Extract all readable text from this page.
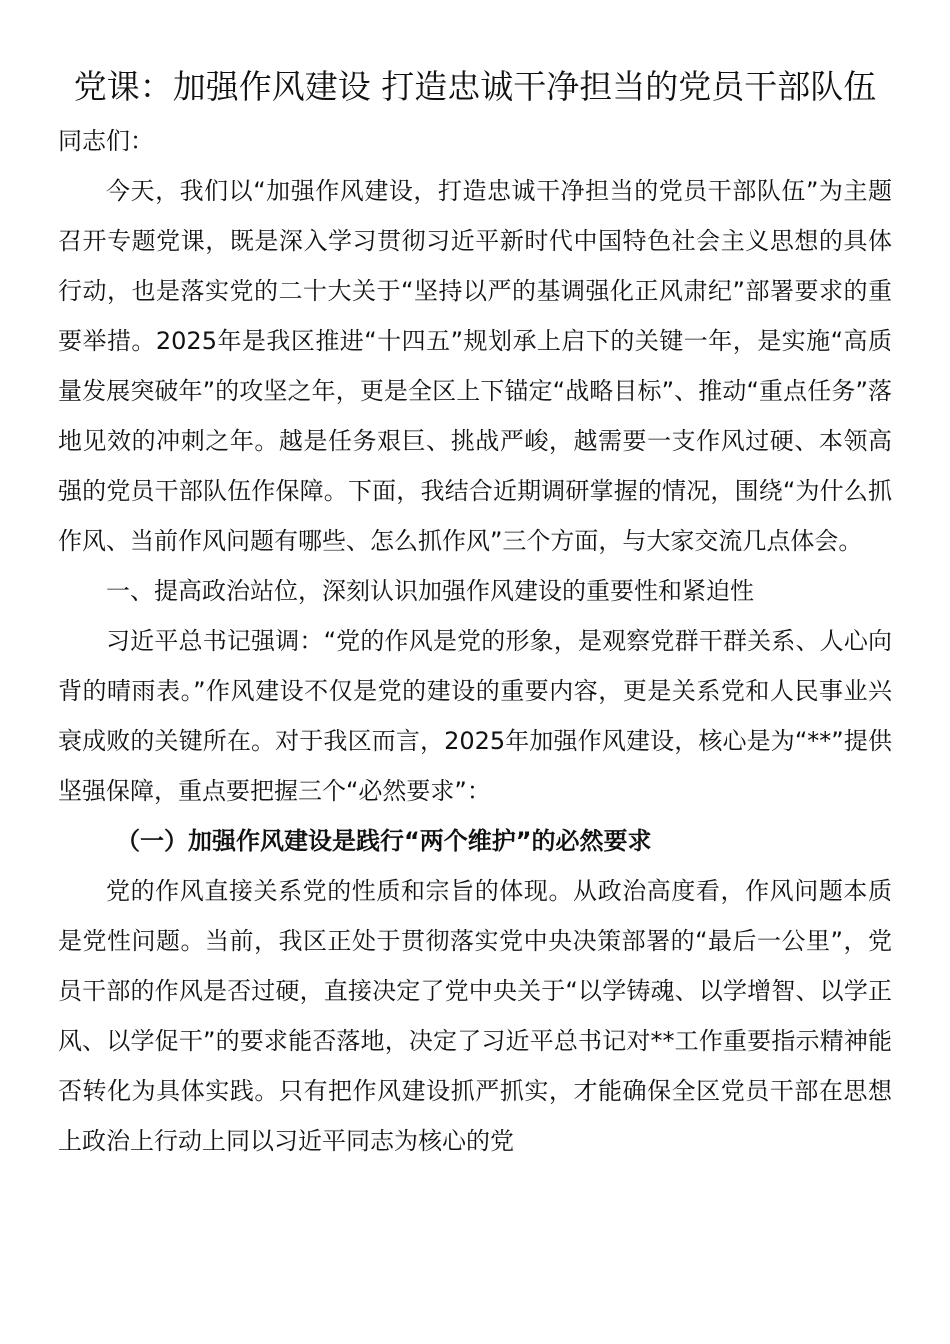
党课：加强作风建设 打造忠诚干净担当的党员干部队伍

同志们：

今天，我们以“加强作风建设，打造忠诚干净担当的党员干部队伍”为主题召开专题党课，既是深入学习贯彻习近平新时代中国特色社会主义思想的具体行动，也是落实党的二十大关于“坚持以严的基调强化正风肃纪”部署要求的重要举措。2025年是我区推进“十四五”规划承上启下的关键一年，是实施“高质量发展突破年”的攻坚之年，更是全区上下锚定“战略目标”、推动“重点任务”落地见效的冲刺之年。越是任务艰巨、挑战严峻，越需要一支作风过硬、本领高强的党员干部队伍作保障。下面，我结合近期调研掌握的情况，围绕“为什么抓作风、当前作风问题有哪些、怎么抓作风”三个方面，与大家交流几点体会。

一、提高政治站位，深刻认识加强作风建设的重要性和紧迫性

习近平总书记强调：“党的作风是党的形象，是观察党群干群关系、人心向背的晴雨表。”作风建设不仅是党的建设的重要内容，更是关系党和人民事业兴衰成败的关键所在。对于我区而言，2025年加强作风建设，核心是为“**”提供坚强保障，重点要把握三个“必然要求”：

（一）加强作风建设是践行“两个维护”的必然要求

党的作风直接关系党的性质和宗旨的体现。从政治高度看，作风问题本质是党性问题。当前，我区正处于贯彻落实党中央决策部署的“最后一公里”，党员干部的作风是否过硬，直接决定了党中央关于“以学铸魂、以学增智、以学正风、以学促干”的要求能否落地，决定了习近平总书记对**工作重要指示精神能否转化为具体实践。只有把作风建设抓严抓实，才能确保全区党员干部在思想上政治上行动上同以习近平同志为核心的党
